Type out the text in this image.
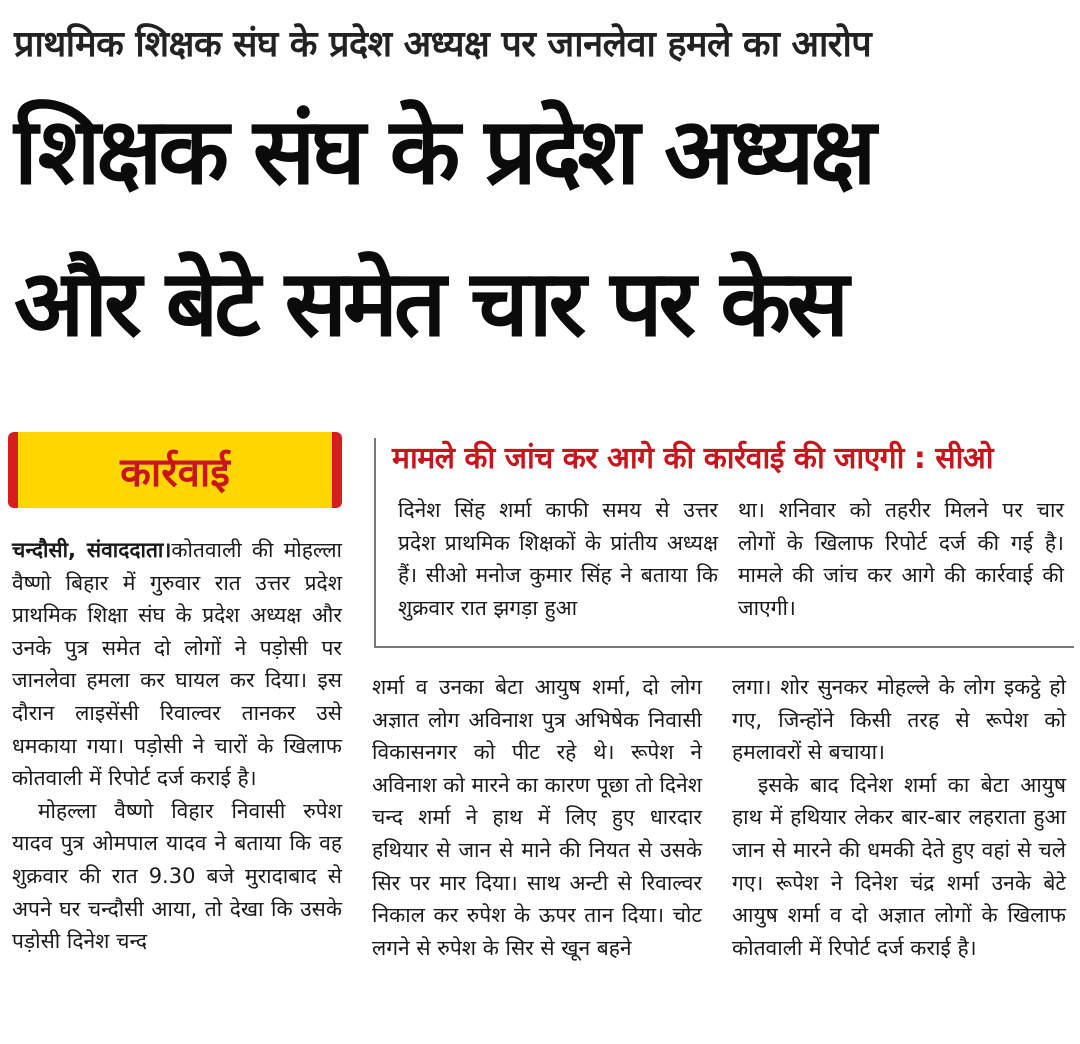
प्राथमिक शिक्षक संघ के प्रदेश अध्यक्ष पर जानलेवा हमले का आरोप
शिक्षक संघ के प्रदेश अध्यक्ष
और बेटे समेत चार पर केस
कार्रवाई	मामले की जांच कर आगे की कार्रवाई की जाएगी : सीओ

दिनेश सिंह शर्मा काफी समय से उत्तर प्रदेश प्राथमिक शिक्षकों के प्रांतीय अध्यक्ष हैं। सीओ मनोज कुमार सिंह ने बताया कि शुक्रवार रात झगड़ा हुआ

था। शनिवार को तहरीर मिलने पर चार लोगों के खिलाफ रिपोर्ट दर्ज की गई है। मामले की जांच कर आगे की कार्रवाई की जाएगी।

चन्दौसी, संवाददाता।कोतवाली की मोहल्ला वैष्णो बिहार में गुरुवार रात उत्तर प्रदेश प्राथमिक शिक्षा संघ के प्रदेश अध्यक्ष और उनके पुत्र समेत दो लोगों ने पड़ोसी पर जानलेवा हमला कर घायल कर दिया। इस दौरान लाइसेंसी रिवाल्वर तानकर उसे धमकाया गया। पड़ोसी ने चारों के खिलाफ कोतवाली में रिपोर्ट दर्ज कराई है।

मोहल्ला वैष्णो विहार निवासी रुपेश यादव पुत्र ओमपाल यादव ने बताया कि वह शुक्रवार की रात 9.30 बजे मुरादाबाद से अपने घर चन्दौसी आया, तो देखा कि उसके पड़ोसी दिनेश चन्द

शर्मा व उनका बेटा आयुष शर्मा, दो लोग अज्ञात लोग अविनाश पुत्र अभिषेक निवासी विकासनगर को पीट रहे थे। रूपेश ने अविनाश को मारने का कारण पूछा तो दिनेश चन्द शर्मा ने हाथ में लिए हुए धारदार हथियार से जान से माने की नियत से उसके सिर पर मार दिया। साथ अन्टी से रिवाल्वर निकाल कर रुपेश के ऊपर तान दिया। चोट लगने से रुपेश के सिर से खून बहने

लगा। शोर सुनकर मोहल्ले के लोग इकट्ठे हो गए, जिन्होंने किसी तरह से रूपेश को हमलावरों से बचाया।

इसके बाद दिनेश शर्मा का बेटा आयुष हाथ में हथियार लेकर बार-बार लहराता हुआ जान से मारने की धमकी देते हुए वहां से चले गए। रूपेश ने दिनेश चंद्र शर्मा उनके बेटे आयुष शर्मा व दो अज्ञात लोगों के खिलाफ कोतवाली में रिपोर्ट दर्ज कराई है।
